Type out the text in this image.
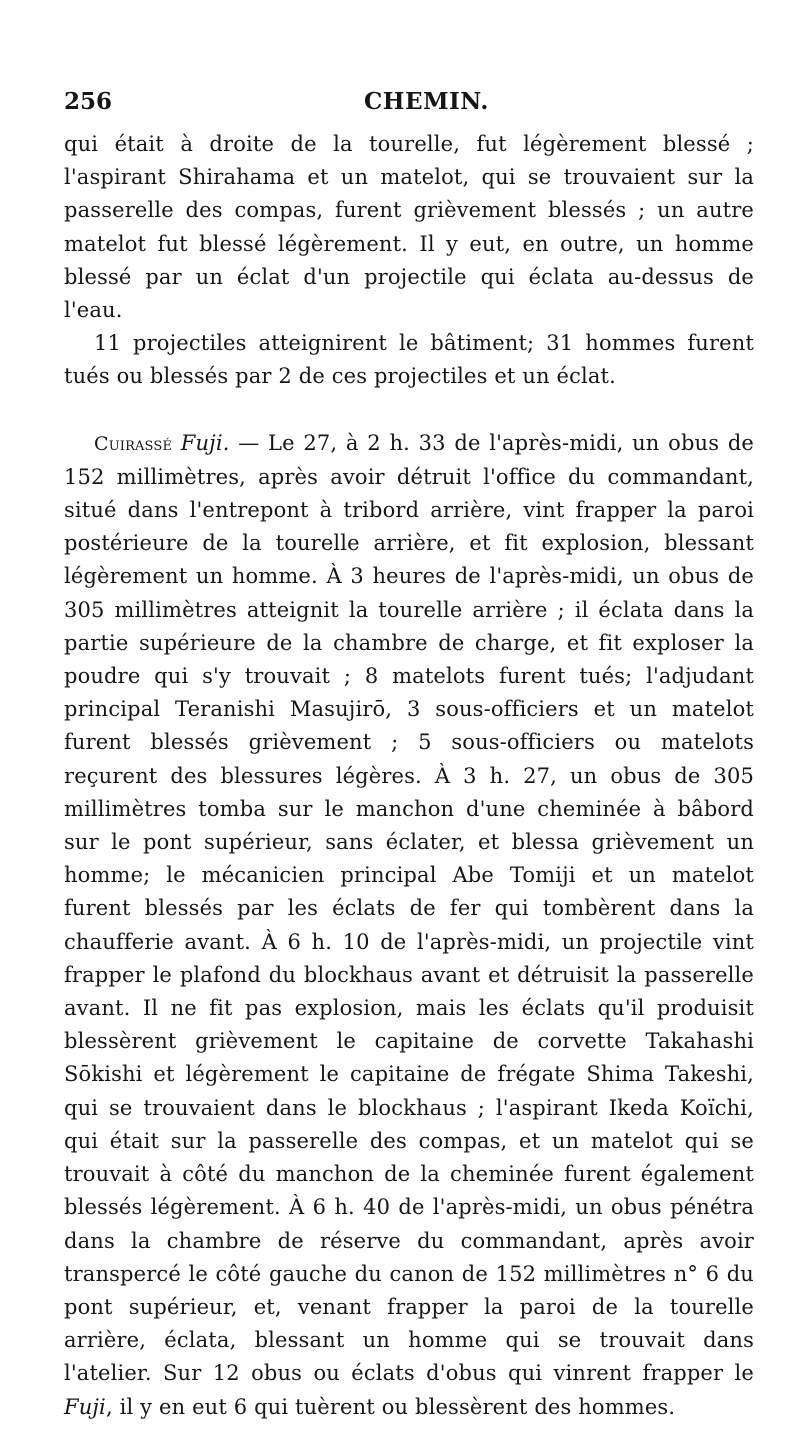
256	CHEMIN.

qui était à droite de la tourelle, fut légèrement blessé ; l'aspirant Shirahama et un matelot, qui se trouvaient sur la passerelle des compas, furent grièvement blessés ; un autre matelot fut blessé légèrement. Il y eut, en outre, un homme blessé par un éclat d'un projectile qui éclata au-dessus de l'eau.

11 projectiles atteignirent le bâtiment; 31 hommes furent tués ou blessés par 2 de ces projectiles et un éclat.

Cuirassé Fuji. — Le 27, à 2 h. 33 de l'après-midi, un obus de 152 millimètres, après avoir détruit l'office du commandant, situé dans l'entrepont à tribord arrière, vint frapper la paroi postérieure de la tourelle arrière, et fit explosion, blessant légèrement un homme. À 3 heures de l'après-midi, un obus de 305 millimètres atteignit la tourelle arrière ; il éclata dans la partie supérieure de la chambre de charge, et fit exploser la poudre qui s'y trouvait ; 8 matelots furent tués; l'adjudant principal Teranishi Masujirō, 3 sous-officiers et un matelot furent blessés grièvement ; 5 sous-officiers ou matelots reçurent des blessures légères. À 3 h. 27, un obus de 305 millimètres tomba sur le manchon d'une cheminée à bâbord sur le pont supérieur, sans éclater, et blessa grièvement un homme; le mécanicien principal Abe Tomiji et un matelot furent blessés par les éclats de fer qui tombèrent dans la chaufferie avant. À 6 h. 10 de l'après-midi, un projectile vint frapper le plafond du blockhaus avant et détruisit la passerelle avant. Il ne fit pas explosion, mais les éclats qu'il produisit blessèrent grièvement le capitaine de corvette Takahashi Sōkishi et légèrement le capitaine de frégate Shima Takeshi, qui se trouvaient dans le blockhaus ; l'aspirant Ikeda Koïchi, qui était sur la passerelle des compas, et un matelot qui se trouvait à côté du manchon de la cheminée furent également blessés légèrement. À 6 h. 40 de l'après-midi, un obus pénétra dans la chambre de réserve du commandant, après avoir transpercé le côté gauche du canon de 152 millimètres n° 6 du pont supérieur, et, venant frapper la paroi de la tourelle arrière, éclata, blessant un homme qui se trouvait dans l'atelier. Sur 12 obus ou éclats d'obus qui vinrent frapper le Fuji, il y en eut 6 qui tuèrent ou blessèrent des hommes.
